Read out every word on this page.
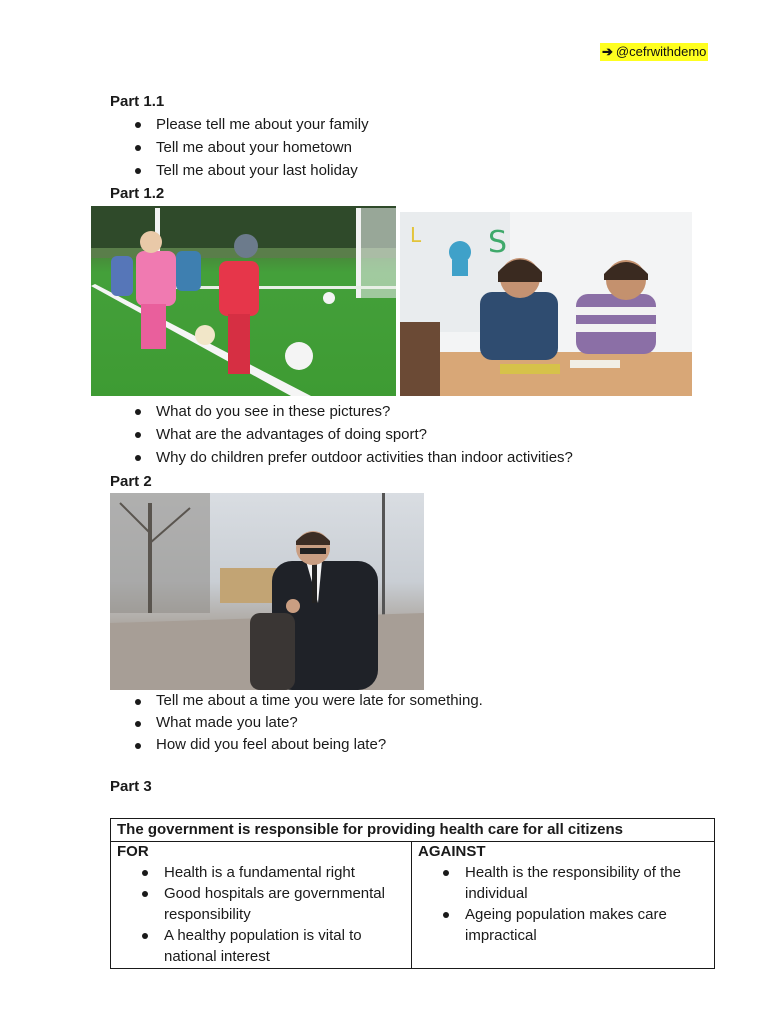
➔ @cefrwithdemo
Part 1.1
Please tell me about your family
Tell me about your hometown
Tell me about your last holiday
Part 1.2
L S
What do you see in these pictures?
What are the advantages of doing sport?
Why do children prefer outdoor activities than indoor activities?
Part 2
Tell me about a time you were late for something.
What made you late?
How did you feel about being late?
Part 3
The government is responsible for providing health care for all citizens

FOR
Health is a fundamental right
Good hospitals are governmental responsibility
A healthy population is vital to national interest

AGAINST
Health is the responsibility of the individual
Ageing population makes care impractical
